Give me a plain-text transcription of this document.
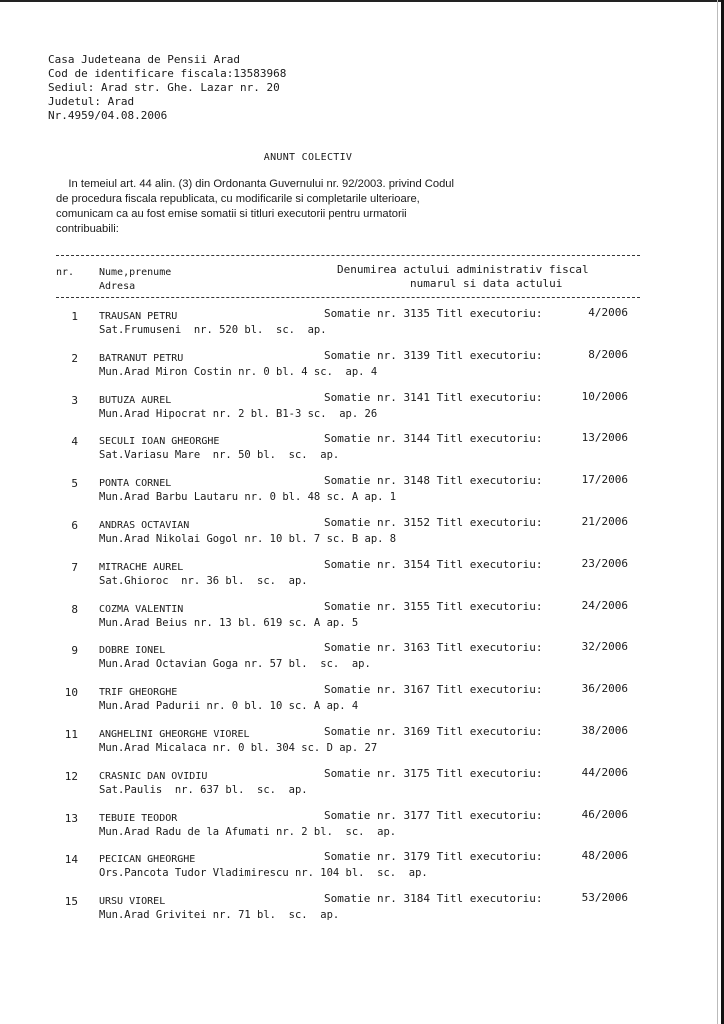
Casa Judeteana de Pensii Arad
Cod de identificare fiscala:13583968
Sediul: Arad str. Ghe. Lazar nr. 20
Judetul: Arad
Nr.4959/04.08.2006
ANUNT COLECTIV
In temeiul art. 44 alin. (3) din Ordonanta Guvernului nr. 92/2003. privind Codul
de procedura fiscala republicata, cu modificarile si completarile ulterioare,
comunicam ca au fost emise somatii si titluri executorii pentru urmatorii
contribuabili:
nr. Nume,prenume
Adresa
Denumirea actului administrativ fiscal
numarul si data actului
1 TRAUSAN PETRU
Sat.Frumuseni  nr. 520 bl.  sc.  ap.
Somatie nr. 3135 Titl executoriu:	4/2006
2 BATRANUT PETRU
Mun.Arad Miron Costin nr. 0 bl. 4 sc.  ap. 4
Somatie nr. 3139 Titl executoriu:	8/2006
3 BUTUZA AUREL
Mun.Arad Hipocrat nr. 2 bl. B1-3 sc.  ap. 26
Somatie nr. 3141 Titl executoriu:	10/2006
4 SECULI IOAN GHEORGHE
Sat.Variasu Mare  nr. 50 bl.  sc.  ap.
Somatie nr. 3144 Titl executoriu:	13/2006
5 PONTA CORNEL
Mun.Arad Barbu Lautaru nr. 0 bl. 48 sc. A ap. 1
Somatie nr. 3148 Titl executoriu:	17/2006
6 ANDRAS OCTAVIAN
Mun.Arad Nikolai Gogol nr. 10 bl. 7 sc. B ap. 8
Somatie nr. 3152 Titl executoriu:	21/2006
7 MITRACHE AUREL
Sat.Ghioroc  nr. 36 bl.  sc.  ap.
Somatie nr. 3154 Titl executoriu:	23/2006
8 COZMA VALENTIN
Mun.Arad Beius nr. 13 bl. 619 sc. A ap. 5
Somatie nr. 3155 Titl executoriu:	24/2006
9 DOBRE IONEL
Mun.Arad Octavian Goga nr. 57 bl.  sc.  ap.
Somatie nr. 3163 Titl executoriu:	32/2006
10 TRIF GHEORGHE
Mun.Arad Padurii nr. 0 bl. 10 sc. A ap. 4
Somatie nr. 3167 Titl executoriu:	36/2006
11 ANGHELINI GHEORGHE VIOREL
Mun.Arad Micalaca nr. 0 bl. 304 sc. D ap. 27
Somatie nr. 3169 Titl executoriu:	38/2006
12 CRASNIC DAN OVIDIU
Sat.Paulis  nr. 637 bl.  sc.  ap.
Somatie nr. 3175 Titl executoriu:	44/2006
13 TEBUIE TEODOR
Mun.Arad Radu de la Afumati nr. 2 bl.  sc.  ap.
Somatie nr. 3177 Titl executoriu:	46/2006
14 PECICAN GHEORGHE
Ors.Pancota Tudor Vladimirescu nr. 104 bl.  sc.  ap.
Somatie nr. 3179 Titl executoriu:	48/2006
15 URSU VIOREL
Mun.Arad Grivitei nr. 71 bl.  sc.  ap.
Somatie nr. 3184 Titl executoriu:	53/2006
